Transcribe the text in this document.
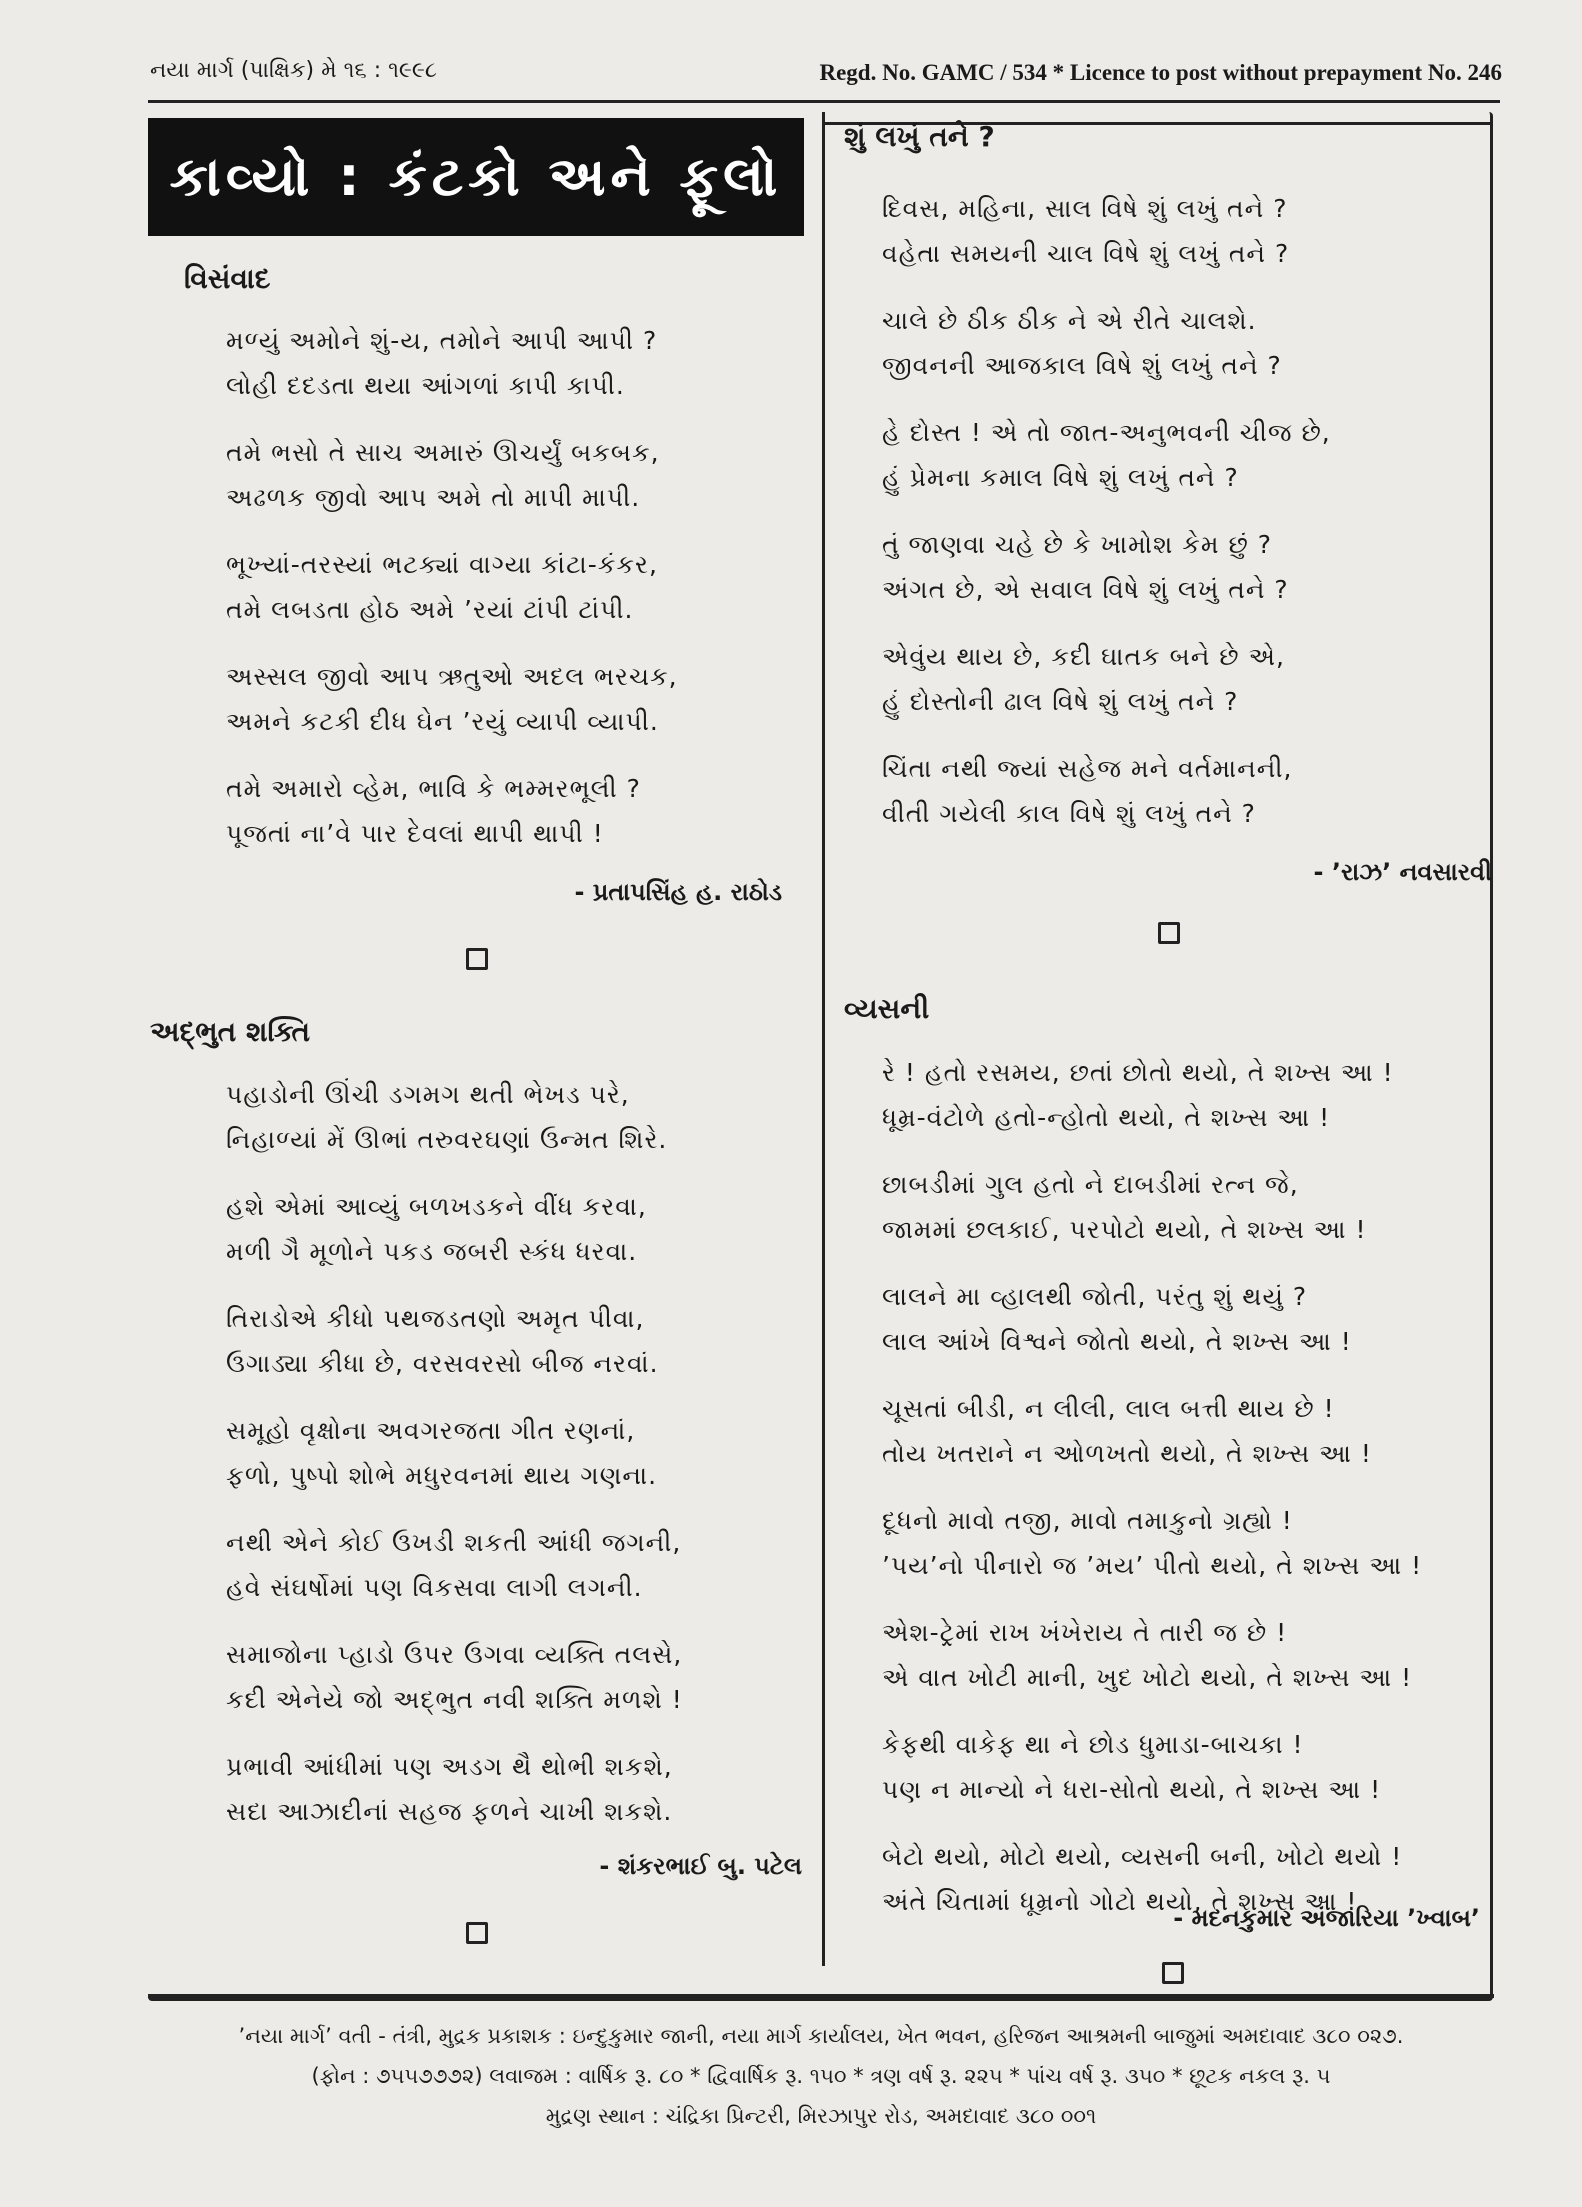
નયા માર્ગ (પાક્ષિક) મે ૧૬ : ૧૯૯૮	Regd. No. GAMC / 534 * Licence to post without prepayment No. 246
કાવ્યો : કંટકો અને ફૂલો
વિસંવાદ
મળ્યું અમોને શું-ય, તમોને આપી આપી ?
લોહી દદડતા થયા આંગળાં કાપી કાપી.
તમે ભસો તે સાચ અમારું ઊચર્યું બકબક,
અઢળક જીવો આપ અમે તો માપી માપી.
ભૂખ્યાં-તરસ્યાં ભટક્યાં વાગ્યા કાંટા-કંકર,
તમે લબડતા હોઠ અમે ’રયાં ટાંપી ટાંપી.
અસ્સલ જીવો આપ ઋતુઓ અદલ ભરચક,
અમને કટકી દીધ ઘેન ’રયું વ્યાપી વ્યાપી.
તમે અમારો વ્હેમ, ભાવિ કે ભમ્મરભૂલી ?
પૂજતાં ના’વે પાર દેવલાં થાપી થાપી !
- પ્રતાપસિંહ હ. રાઠોડ
અદ્‌ભુત શક્તિ
પહાડોની ઊંચી ડગમગ થતી ભેખડ પરે,
નિહાળ્યાં મેં ઊભાં તરુવરઘણાં ઉન્મત શિરે.
હશે એમાં આવ્યું બળખડકને વીંધ કરવા,
મળી ગૈ મૂળોને પકડ જબરી સ્કંધ ધરવા.
તિરાડોએ કીધો પથજડતણો અમૃત પીવા,
ઉગાડ્યા કીધા છે, વરસવરસો બીજ નરવાં.
સમૂહો વૃક્ષોના અવગરજતા ગીત રણનાં,
ફળો, પુષ્પો શોભે મધુરવનમાં થાય ગણના.
નથી એને કોઈ ઉખડી શકતી આંધી જગની,
હવે સંઘર્ષોમાં પણ વિકસવા લાગી લગની.
સમાજોના પ્હાડો ઉપર ઉગવા વ્યક્તિ તલસે,
કદી એનેયે જો અદ્‌ભુત નવી શક્તિ મળશે !
પ્રભાવી આંધીમાં પણ અડગ થૈ થોભી શકશે,
સદા આઝાદીનાં સહજ ફળને ચાખી શકશે.
- શંકરભાઈ બુ. પટેલ
શું લખું તને ?
દિવસ, મહિના, સાલ વિષે શું લખું તને ?
વહેતા સમયની ચાલ વિષે શું લખું તને ?
ચાલે છે ઠીક ઠીક ને એ રીતે ચાલશે.
જીવનની આજકાલ વિષે શું લખું તને ?
હે દોસ્ત ! એ તો જાત-અનુભવની ચીજ છે,
હું પ્રેમના કમાલ વિષે શું લખું તને ?
તું જાણવા ચહે છે કે ખામોશ કેમ છું ?
અંગત છે, એ સવાલ વિષે શું લખું તને ?
એવુંય થાય છે, કદી ઘાતક બને છે એ,
હું દોસ્તોની ઢાલ વિષે શું લખું તને ?
ચિંતા નથી જ્યાં સહેજ મને વર્તમાનની,
વીતી ગયેલી કાલ વિષે શું લખું તને ?
- ’રાઝ’ નવસારવી
વ્યસની
રે ! હતો રસમય, છતાં છોતો થયો, તે શખ્સ આ !
ધૂમ્ર-વંટોળે હતો-ન્હોતો થયો, તે શખ્સ આ !
છાબડીમાં ગુલ હતો ને દાબડીમાં રત્ન જે,
જામમાં છલકાઈ, પરપોટો થયો, તે શખ્સ આ !
લાલને મા વ્હાલથી જોતી, પરંતુ શું થયું ?
લાલ આંખે વિશ્વને જોતો થયો, તે શખ્સ આ !
ચૂસતાં બીડી, ન લીલી, લાલ બત્તી થાય છે !
તોય ખતરાને ન ઓળખતો થયો, તે શખ્સ આ !
દૂધનો માવો તજી, માવો તમાકુનો ગ્રહ્યો !
’પય’નો પીનારો જ ’મય’ પીતો થયો, તે શખ્સ આ !
એશ-ટ્રેમાં રાખ ખંખેરાય તે તારી જ છે !
એ વાત ખોટી માની, ખુદ ખોટો થયો, તે શખ્સ આ !
કેફથી વાકેફ થા ને છોડ ધુમાડા-બાચકા !
પણ ન માન્યો ને ધરા-સોતો થયો, તે શખ્સ આ !
બેટો થયો, મોટો થયો, વ્યસની બની, ખોટો થયો !
અંતે ચિતામાં ધૂમ્રનો ગોટો થયો, તે શખ્સ આ !
- મદનકુમાર અંજારિયા ’ખ્વાબ’
’નયા માર્ગ’ વતી - તંત્રી, મુદ્રક પ્રકાશક : ઇન્દુકુમાર જાની, નયા માર્ગ કાર્યાલય, ખેત ભવન, હરિજન આશ્રમની બાજુમાં અમદાવાદ ૩૮૦ ૦૨૭.
(ફોન : ૭૫૫૭૭૭૨) લવાજમ : વાર્ષિક રૂ. ૮૦ * દ્વિવાર્ષિક રૂ. ૧૫૦ * ત્રણ વર્ષ રૂ. ૨૨૫ * પાંચ વર્ષ રૂ. ૩૫૦ * છૂટક નકલ રૂ. ૫
મુદ્રણ સ્થાન : ચંદ્રિકા પ્રિન્ટરી, મિરઝાપુર રોડ, અમદાવાદ ૩૮૦ ૦૦૧
